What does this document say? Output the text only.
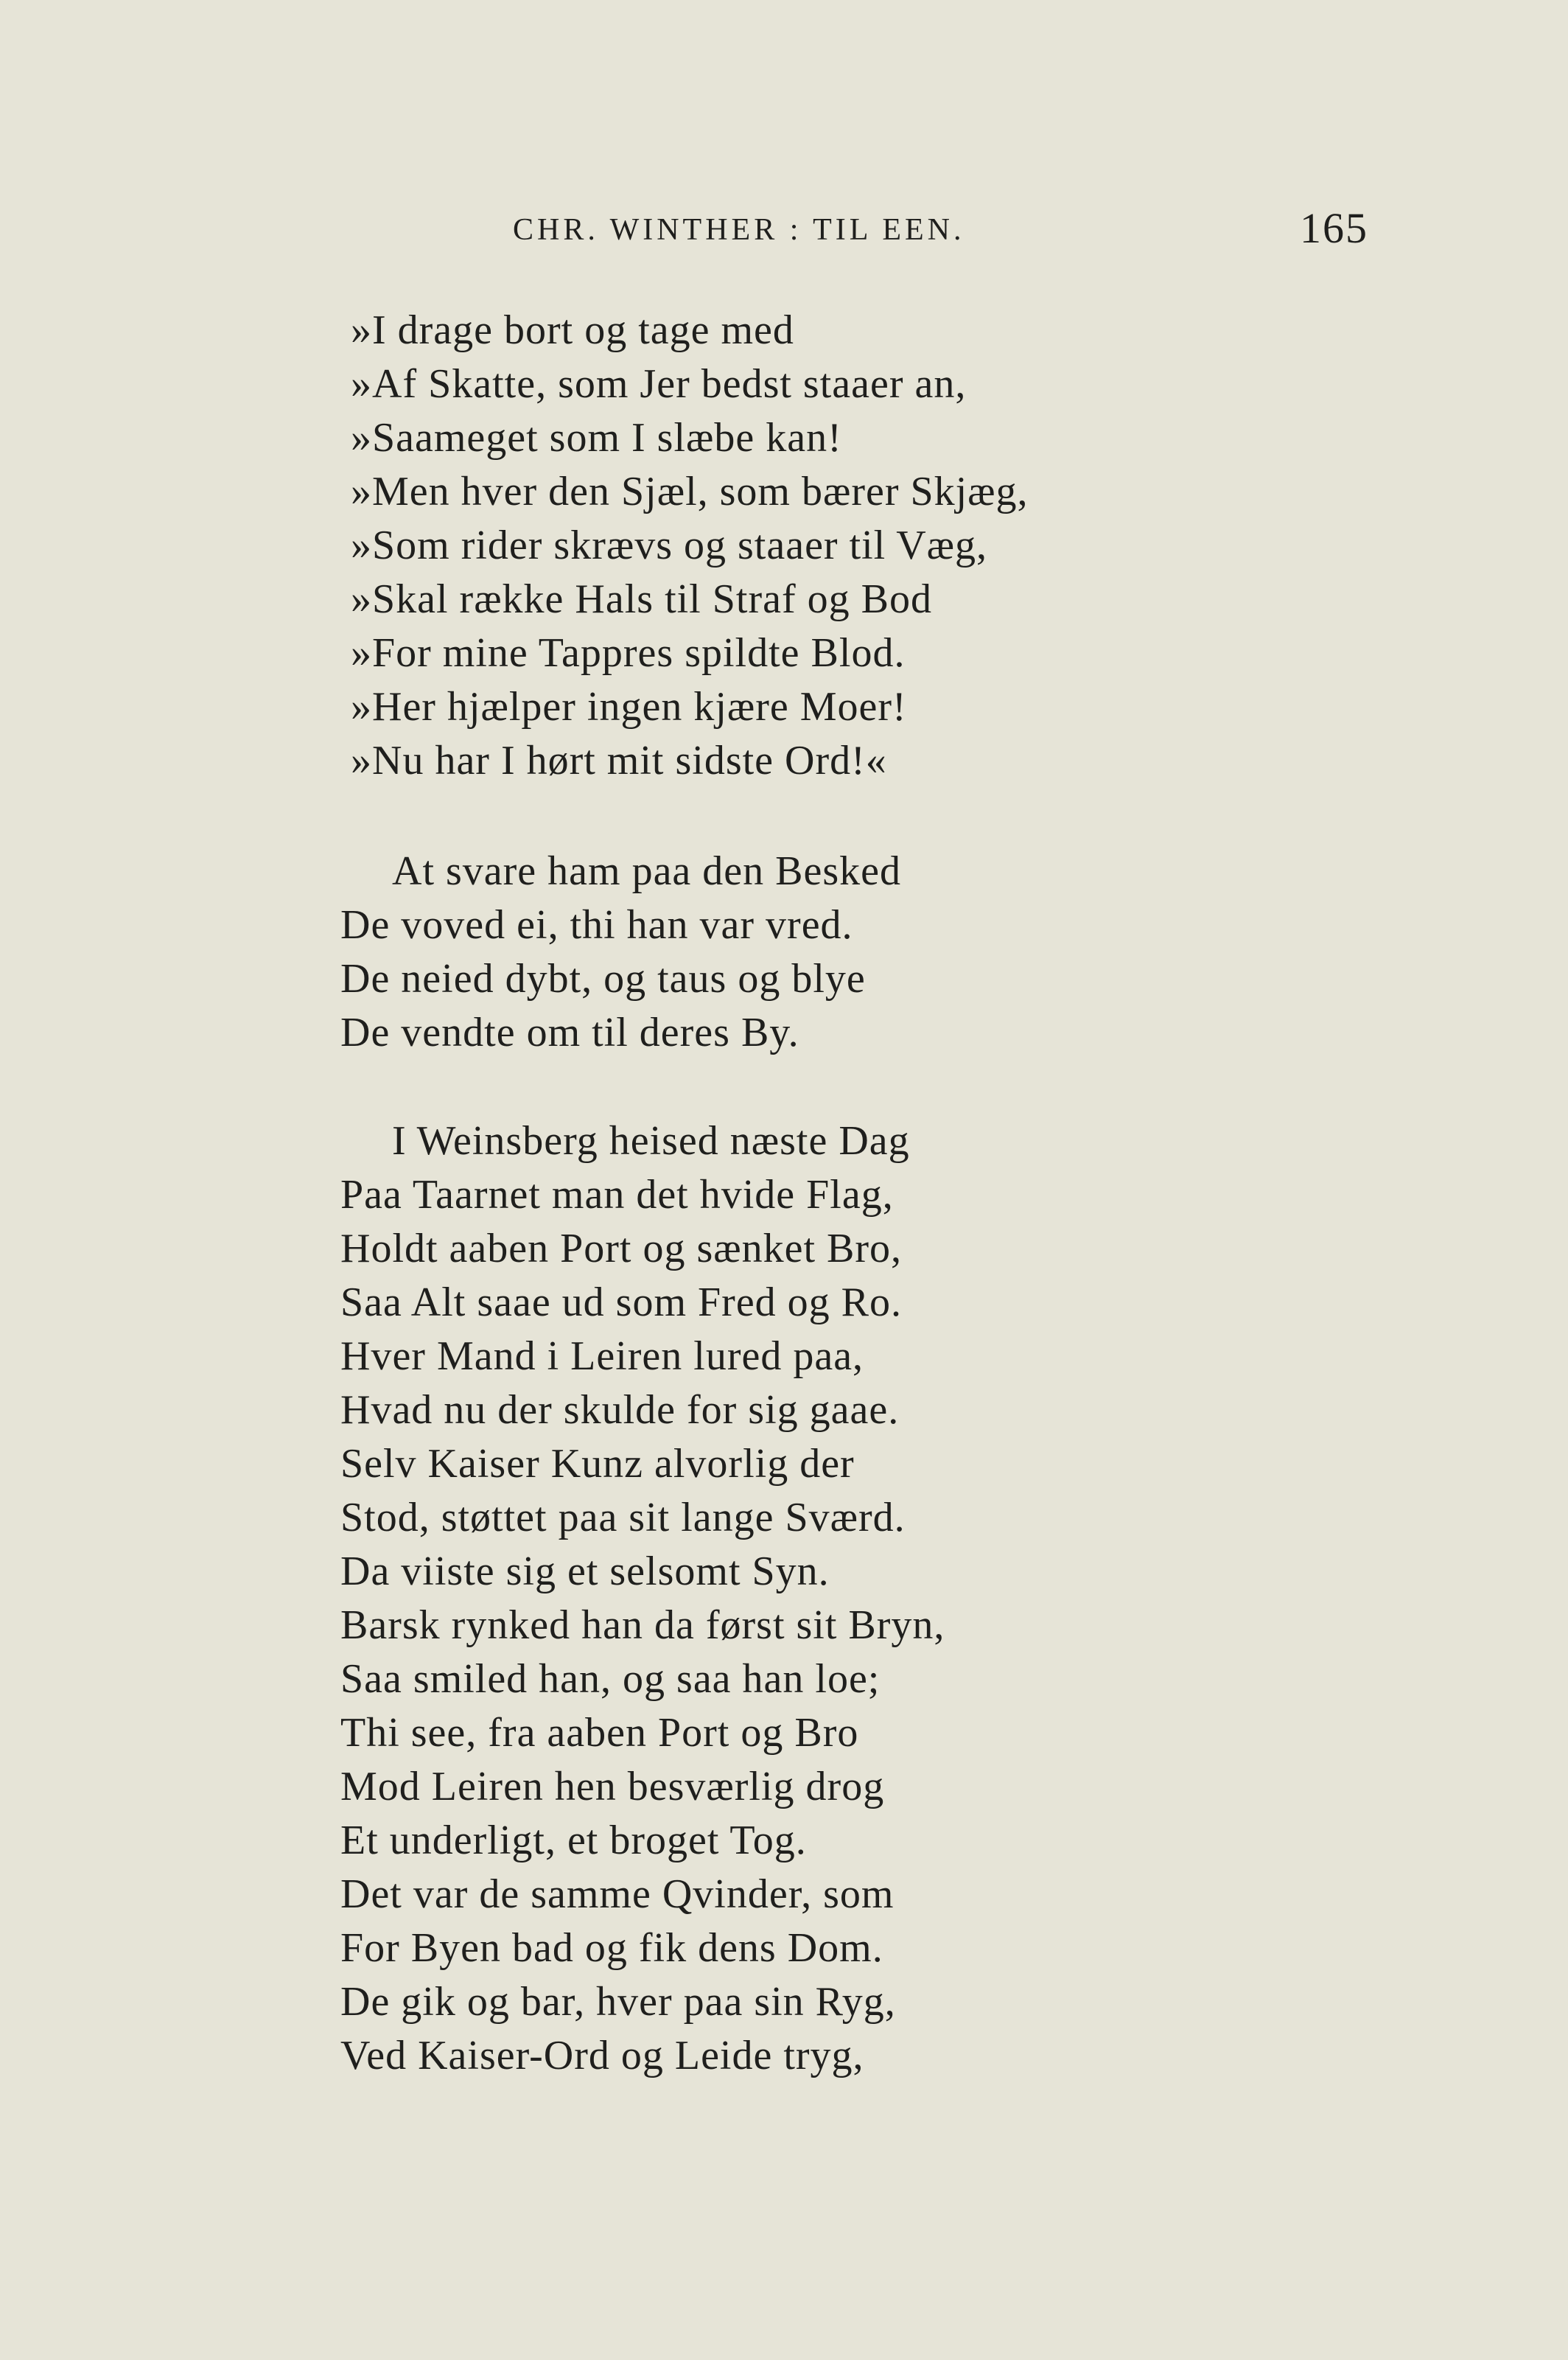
CHR. WINTHER : TIL EEN.	165
»I drage bort og tage med
»Af Skatte, som Jer bedst staaer an,
»Saameget som I slæbe kan!
»Men hver den Sjæl, som bærer Skjæg,
»Som rider skrævs og staaer til Væg,
»Skal række Hals til Straf og Bod
»For mine Tappres spildte Blod.
»Her hjælper ingen kjære Moer!
»Nu har I hørt mit sidste Ord!«
At svare ham paa den Besked
De voved ei, thi han var vred.
De neied dybt, og taus og blye
De vendte om til deres By.
I Weinsberg heised næste Dag
Paa Taarnet man det hvide Flag,
Holdt aaben Port og sænket Bro,
Saa Alt saae ud som Fred og Ro.
Hver Mand i Leiren lured paa,
Hvad nu der skulde for sig gaae.
Selv Kaiser Kunz alvorlig der
Stod, støttet paa sit lange Sværd.
Da viiste sig et selsomt Syn.
Barsk rynked han da først sit Bryn,
Saa smiled han, og saa han loe;
Thi see, fra aaben Port og Bro
Mod Leiren hen besværlig drog
Et underligt, et broget Tog.
Det var de samme Qvinder, som
For Byen bad og fik dens Dom.
De gik og bar, hver paa sin Ryg,
Ved Kaiser-Ord og Leide tryg,
